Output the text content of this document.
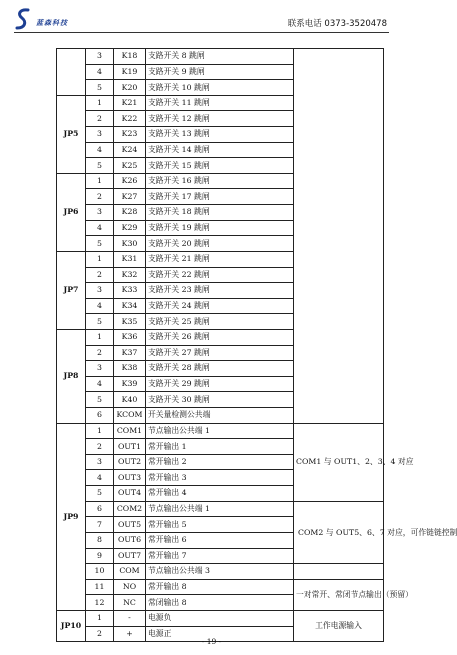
蓝森科技	联系电话 0373-3520478
	3	K18	支路开关 8 跳闸	
	4	K19	支路开关 9 跳闸	
	5	K20	支路开关 10 跳闸	
JP5	1	K21	支路开关 11 跳闸	
	2	K22	支路开关 12 跳闸	
	3	K23	支路开关 13 跳闸	
	4	K24	支路开关 14 跳闸	
	5	K25	支路开关 15 跳闸	
JP6	1	K26	支路开关 16 跳闸	
	2	K27	支路开关 17 跳闸	
	3	K28	支路开关 18 跳闸	
	4	K29	支路开关 19 跳闸	
	5	K30	支路开关 20 跳闸	
JP7	1	K31	支路开关 21 跳闸	
	2	K32	支路开关 22 跳闸	
	3	K33	支路开关 23 跳闸	
	4	K34	支路开关 24 跳闸	
	5	K35	支路开关 25 跳闸	
JP8	1	K36	支路开关 26 跳闸	
	2	K37	支路开关 27 跳闸	
	3	K38	支路开关 28 跳闸	
	4	K39	支路开关 29 跳闸	
	5	K40	支路开关 30 跳闸	
	6	KCOM	开关量检测公共端	
JP9	1	COM1	节点输出公共端 1	COM1 与 OUT1、2、3、4 对应
	2	OUT1	常开输出 1	
	3	OUT2	常开输出 2	
	4	OUT3	常开输出 3	
	5	OUT4	常开输出 4	
	6	COM2	节点输出公共端 1	COM2 与 OUT5、6、7 对应，可作链链控制
	7	OUT5	常开输出 5	
	8	OUT6	常开输出 6	
	9	OUT7	常开输出 7	
	10	COM	节点输出公共端 3	
	11	NO	常开输出 8	一对常开、常闭节点输出（预留）
	12	NC	常闭输出 8	
JP10	1	-	电源负	工作电源输入
	2	+	电源正	
- 19 -
